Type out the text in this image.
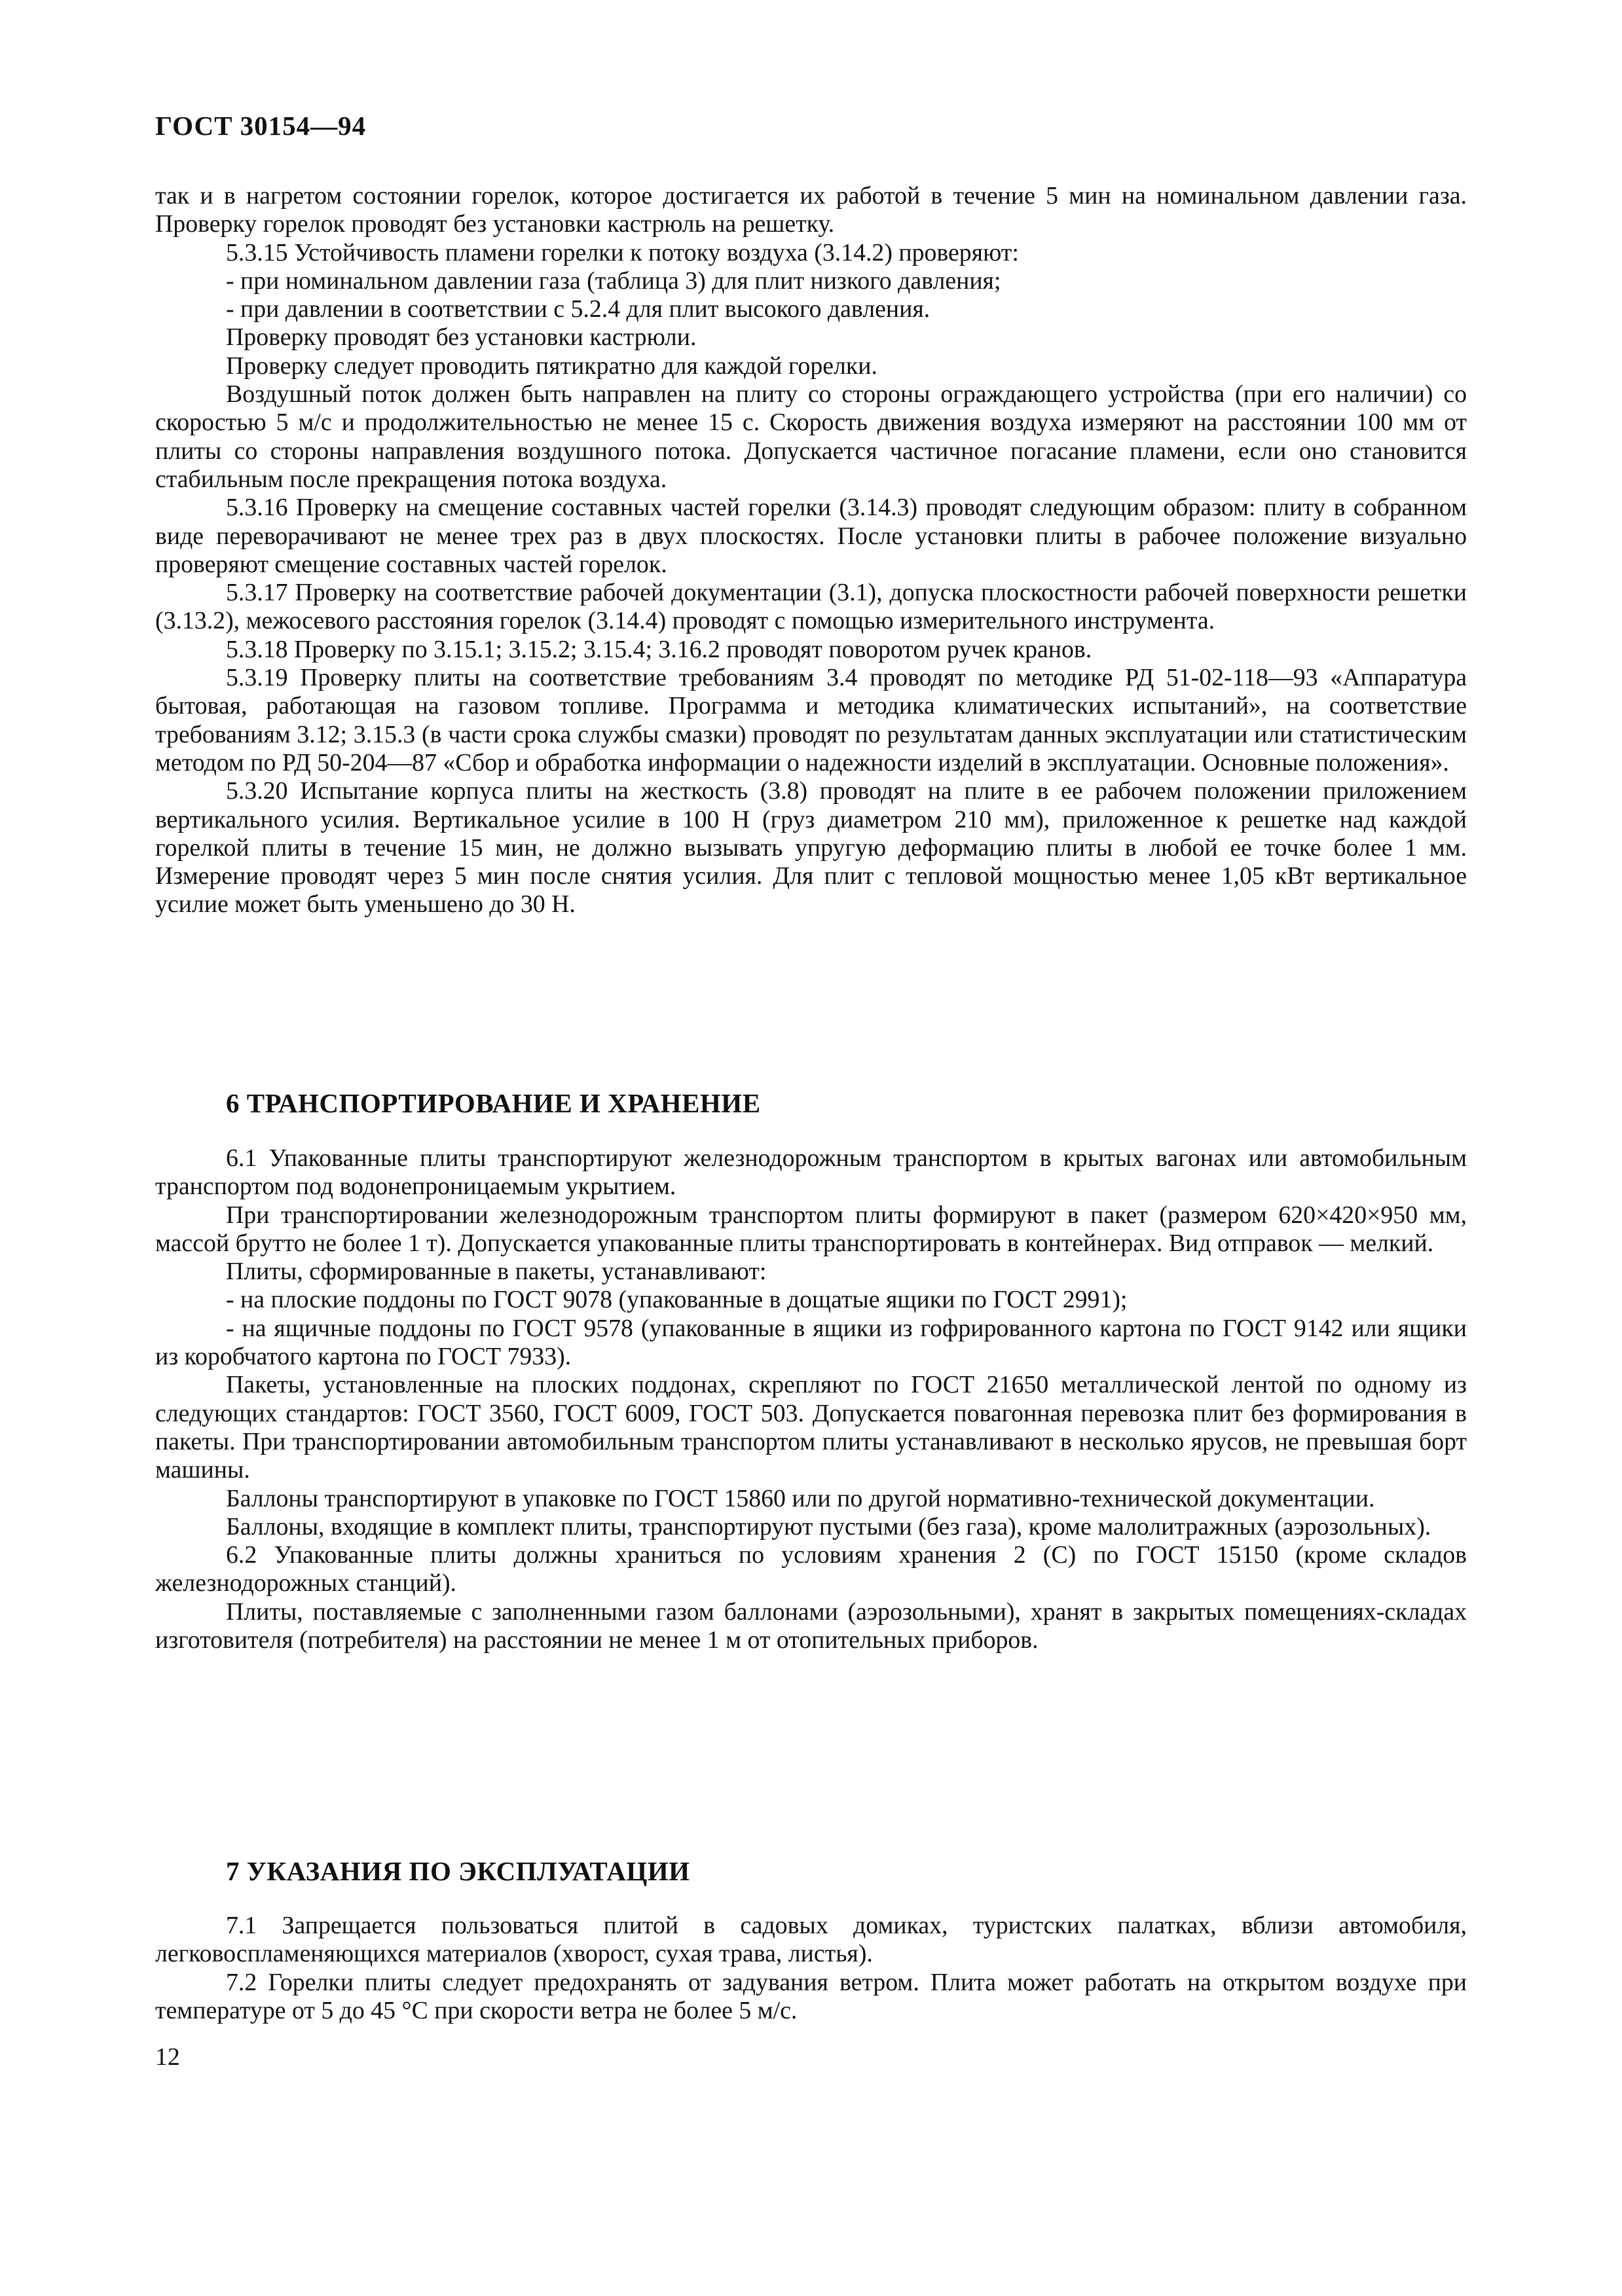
ГОСТ 30154—94

так и в нагретом состоянии горелок, которое достигается их работой в течение 5 мин на номинальном давлении газа. Проверку горелок проводят без установки кастрюль на решетку.

5.3.15 Устойчивость пламени горелки к потоку воздуха (3.14.2) проверяют:

- при номинальном давлении газа (таблица 3) для плит низкого давления;

- при давлении в соответствии с 5.2.4 для плит высокого давления.

Проверку проводят без установки кастрюли.

Проверку следует проводить пятикратно для каждой горелки.

Воздушный поток должен быть направлен на плиту со стороны ограждающего устройства (при его наличии) со скоростью 5 м/с и продолжительностью не менее 15 с. Скорость движения воздуха измеряют на расстоянии 100 мм от плиты со стороны направления воздушного потока. Допускается частичное погасание пламени, если оно становится стабильным после прекращения потока воздуха.

5.3.16 Проверку на смещение составных частей горелки (3.14.3) проводят следующим образом: плиту в собранном виде переворачивают не менее трех раз в двух плоскостях. После установки плиты в рабочее положение визуально проверяют смещение составных частей горелок.

5.3.17 Проверку на соответствие рабочей документации (3.1), допуска плоскостности рабочей поверхности решетки (3.13.2), межосевого расстояния горелок (3.14.4) проводят с помощью измерительного инструмента.

5.3.18 Проверку по 3.15.1; 3.15.2; 3.15.4; 3.16.2 проводят поворотом ручек кранов.

5.3.19 Проверку плиты на соответствие требованиям 3.4 проводят по методике РД 51-02-118—93 «Аппаратура бытовая, работающая на газовом топливе. Программа и методика климатических испытаний», на соответствие требованиям 3.12; 3.15.3 (в части срока службы смазки) проводят по результатам данных эксплуатации или статистическим методом по РД 50-204—87 «Сбор и обработка информации о надежности изделий в эксплуатации. Основные положения».

5.3.20 Испытание корпуса плиты на жесткость (3.8) проводят на плите в ее рабочем положении приложением вертикального усилия. Вертикальное усилие в 100 Н (груз диаметром 210 мм), приложенное к решетке над каждой горелкой плиты в течение 15 мин, не должно вызывать упругую деформацию плиты в любой ее точке более 1 мм. Измерение проводят через 5 мин после снятия усилия. Для плит с тепловой мощностью менее 1,05 кВт вертикальное усилие может быть уменьшено до 30 Н.

6 ТРАНСПОРТИРОВАНИЕ И ХРАНЕНИЕ

6.1 Упакованные плиты транспортируют железнодорожным транспортом в крытых вагонах или автомобильным транспортом под водонепроницаемым укрытием.

При транспортировании железнодорожным транспортом плиты формируют в пакет (размером 620×420×950 мм, массой брутто не более 1 т). Допускается упакованные плиты транспортировать в контейнерах. Вид отправок — мелкий.

Плиты, сформированные в пакеты, устанавливают:

- на плоские поддоны по ГОСТ 9078 (упакованные в дощатые ящики по ГОСТ 2991);

- на ящичные поддоны по ГОСТ 9578 (упакованные в ящики из гофрированного картона по ГОСТ 9142 или ящики из коробчатого картона по ГОСТ 7933).

Пакеты, установленные на плоских поддонах, скрепляют по ГОСТ 21650 металлической лентой по одному из следующих стандартов: ГОСТ 3560, ГОСТ 6009, ГОСТ 503. Допускается повагонная перевозка плит без формирования в пакеты. При транспортировании автомобильным транспортом плиты устанавливают в несколько ярусов, не превышая борт машины.

Баллоны транспортируют в упаковке по ГОСТ 15860 или по другой нормативно-технической документации.

Баллоны, входящие в комплект плиты, транспортируют пустыми (без газа), кроме малолитражных (аэрозольных).

6.2 Упакованные плиты должны храниться по условиям хранения 2 (С) по ГОСТ 15150 (кроме складов железнодорожных станций).

Плиты, поставляемые с заполненными газом баллонами (аэрозольными), хранят в закрытых помещениях-складах изготовителя (потребителя) на расстоянии не менее 1 м от отопительных приборов.

7 УКАЗАНИЯ ПО ЭКСПЛУАТАЦИИ

7.1 Запрещается пользоваться плитой в садовых домиках, туристских палатках, вблизи автомобиля, легковоспламеняющихся материалов (хворост, сухая трава, листья).

7.2 Горелки плиты следует предохранять от задувания ветром. Плита может работать на открытом воздухе при температуре от 5 до 45 °С при скорости ветра не более 5 м/с.

12
